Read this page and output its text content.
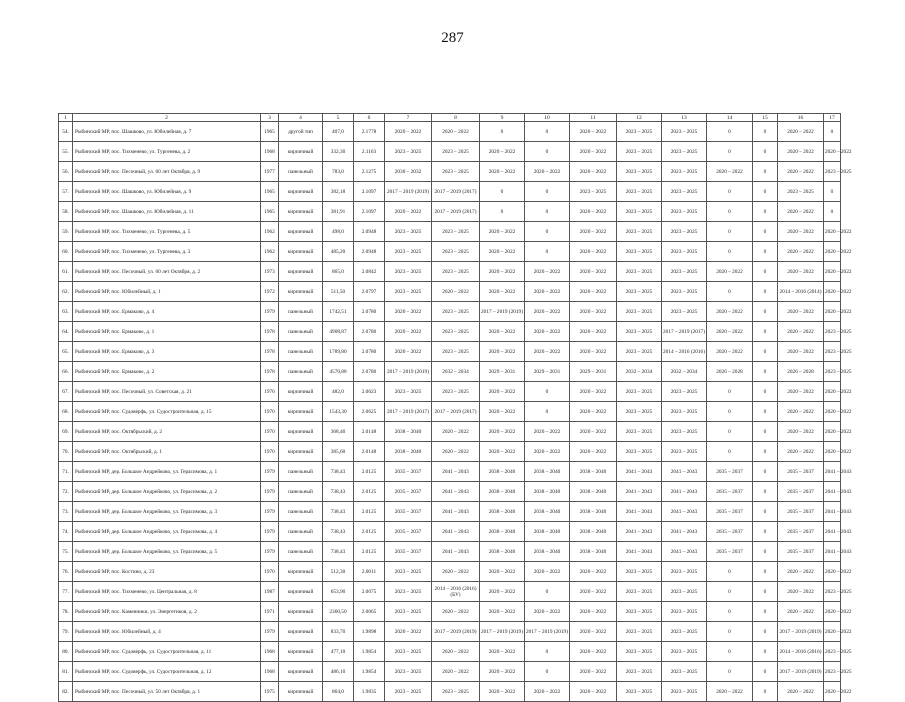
287
1	2	3	4	5	6	7	8	9	10	11	12	13	14	15	16	17
54.	Рыбинский МР, пос. Шашково, ул. Юбилейная, д. 7	1965	другой тип	407,0	2.1778	2020 – 2022	2020 – 2022	0	0	2020 – 2022	2023 – 2025	2023 – 2025	0	0	2020 – 2022	0
55.	Рыбинский МР, пос. Тихменево, ул. Тургенева, д. 2	1968	кирпичный	332,30	2.1163	2023 – 2025	2023 – 2025	2020 – 2022	0	2020 – 2022	2023 – 2025	2023 – 2025	0	0	2020 – 2022	2020 – 2022
56.	Рыбинский МР, пос. Песочный, ул. 60 лет Октября, д. 9	1977	панельный	783,0	2.1275	2030 – 2032	2023 – 2025	2020 – 2022	2020 – 2022	2020 – 2022	2023 – 2025	2023 – 2025	2020 – 2022	0	2020 – 2022	2023 – 2025
57.	Рыбинский МР, пос. Шашково, ул. Юбилейная, д. 9	1965	кирпичный	382,18	2.1097	2017 – 2019 (2019)	2017 – 2019 (2017)	0	0	2023 – 2025	2023 – 2025	2023 – 2025	0	0	2023 – 2025	0
58.	Рыбинский МР, пос. Шашково, ул. Юбилейная, д. 11	1965	кирпичный	381,91	2.1097	2020 – 2022	2017 – 2019 (2017)	0	0	2020 – 2022	2023 – 2025	2023 – 2025	0	0	2020 – 2022	0
59.	Рыбинский МР, пос. Тихменево, ул. Тургенева, д. 5	1962	кирпичный	498,0	2.0948	2023 – 2025	2023 – 2025	2020 – 2022	0	2020 – 2022	2023 – 2025	2023 – 2025	0	0	2020 – 2022	2020 – 2022
60.	Рыбинский МР, пос. Тихменево, ул. Тургенева, д. 3	1962	кирпичный	485,20	2.0948	2023 – 2025	2023 – 2025	2020 – 2022	0	2020 – 2022	2023 – 2025	2023 – 2025	0	0	2020 – 2022	2020 – 2022
61.	Рыбинский МР, пос. Песочный, ул. 60 лет Октября, д. 2	1973	кирпичный	865,0	2.0842	2023 – 2025	2023 – 2025	2020 – 2022	2020 – 2022	2020 – 2022	2023 – 2025	2023 – 2025	2020 – 2022	0	2020 – 2022	2020 – 2022
62.	Рыбинский МР, пос. Юбилейный, д. 1	1972	кирпичный	511,50	2.0797	2023 – 2025	2020 – 2022	2020 – 2022	2020 – 2022	2020 – 2022	2023 – 2025	2023 – 2025	0	0	2014 – 2016 (2014)	2020 – 2022
63.	Рыбинский МР, пос. Ермаково, д. 4	1979	панельный	1742,51	2.0780	2020 – 2022	2023 – 2025	2017 – 2019 (2019)	2020 – 2022	2020 – 2022	2023 – 2025	2023 – 2025	2020 – 2022	0	2020 – 2022	2020 – 2022
64.	Рыбинский МР, пос. Ермаково, д. 1	1978	панельный	4908,87	2.0780	2020 – 2022	2023 – 2025	2020 – 2022	2020 – 2022	2020 – 2022	2023 – 2025	2017 – 2019 (2017)	2020 – 2022	0	2020 – 2022	2023 – 2025
65.	Рыбинский МР, пос. Ермаково, д. 3	1978	панельный	1789,80	2.0780	2020 – 2022	2023 – 2025	2020 – 2022	2020 – 2022	2020 – 2022	2023 – 2025	2014 – 2016 (2016)	2020 – 2022	0	2020 – 2022	2023 – 2025
66.	Рыбинский МР, пос. Ермаково, д. 2	1978	панельный	4570,88	2.0780	2017 – 2019 (2019)	2032 – 2034	2029 – 2031	2029 – 2031	2029 – 2031	2032 – 2034	2032 – 2034	2026 – 2028	0	2026 – 2028	2023 – 2025
67.	Рыбинский МР, пос. Песочный, ул. Советская, д. 21	1976	кирпичный	482,0	2.0623	2023 – 2025	2023 – 2025	2020 – 2022	0	2020 – 2022	2023 – 2025	2023 – 2025	0	0	2020 – 2022	2020 – 2022
68.	Рыбинский МР, пос. Судоверфь, ул. Судостроительная, д. 15	1970	кирпичный	1543,30	2.0625	2017 – 2019 (2017)	2017 – 2019 (2017)	2020 – 2022	0	2020 – 2022	2023 – 2025	2023 – 2025	0	0	2020 – 2022	2020 – 2022
69.	Рыбинский МР, пос. Октябрьский, д. 2	1970	кирпичный	368,40	2.0148	2038 – 2040	2020 – 2022	2020 – 2022	2020 – 2022	2020 – 2022	2023 – 2025	2023 – 2025	0	0	2020 – 2022	2020 – 2022
70.	Рыбинский МР, пос. Октябрьский, д. 1	1970	кирпичный	385,60	2.0148	2038 – 2040	2020 – 2022	2020 – 2022	2020 – 2022	2020 – 2022	2023 – 2025	2023 – 2025	0	0	2020 – 2022	2020 – 2022
71.	Рыбинский МР, дер. Большое Андрейково, ул. Герасимова, д. 1	1979	панельный	738,43	2.0125	2035 – 2037	2041 – 2043	2038 – 2040	2038 – 2040	2038 – 2040	2041 – 2043	2041 – 2043	2035 – 2037	0	2035 – 2037	2041 – 2043
72.	Рыбинский МР, дер. Большое Андрейково, ул. Герасимова, д. 2	1979	панельный	738,43	2.0125	2035 – 2037	2041 – 2043	2038 – 2040	2038 – 2040	2038 – 2040	2041 – 2043	2041 – 2043	2035 – 2037	0	2035 – 2037	2041 – 2043
73.	Рыбинский МР, дер. Большое Андрейково, ул. Герасимова, д. 3	1979	панельный	738,43	2.0125	2035 – 2037	2041 – 2043	2038 – 2040	2038 – 2040	2038 – 2040	2041 – 2043	2041 – 2043	2035 – 2037	0	2035 – 2037	2041 – 2043
74.	Рыбинский МР, дер. Большое Андрейково, ул. Герасимова, д. 4	1979	панельный	738,43	2.0125	2035 – 2037	2041 – 2043	2038 – 2040	2038 – 2040	2038 – 2040	2041 – 2043	2041 – 2043	2035 – 2037	0	2035 – 2037	2041 – 2043
75.	Рыбинский МР, дер. Большое Андрейково, ул. Герасимова, д. 5	1979	панельный	738,43	2.0125	2035 – 2037	2041 – 2043	2038 – 2040	2038 – 2040	2038 – 2040	2041 – 2043	2041 – 2043	2035 – 2037	0	2035 – 2037	2041 – 2043
76.	Рыбинский МР, пос. Костино, д. 23	1970	кирпичный	512,30	2.0011	2023 – 2025	2020 – 2022	2020 – 2022	2020 – 2022	2020 – 2022	2023 – 2025	2023 – 2025	0	0	2020 – 2022	2020 – 2022
77.	Рыбинский МР, пос. Тихменево, ул. Центральная, д. 8	1987	кирпичный	653,90	2.0075	2023 – 2025	2014 – 2016 (2016)(БУ)	2020 – 2022	0	2020 – 2022	2023 – 2025	2023 – 2025	0	0	2020 – 2022	2023 – 2025
78.	Рыбинский МР, пос. Каменники, ул. Энергетиков, д. 2	1971	кирпичный	2360,50	2.0065	2023 – 2025	2020 – 2022	2020 – 2022	2020 – 2022	2020 – 2022	2023 – 2025	2023 – 2025	0	0	2020 – 2022	2020 – 2022
79.	Рыбинский МР, пос. Юбилейный, д. 4	1979	кирпичный	833,70	1.9898	2020 – 2022	2017 – 2019 (2019)	2017 – 2019 (2019)	2017 – 2019 (2019)	2020 – 2022	2023 – 2025	2023 – 2025	0	0	2017 – 2019 (2019)	2020 – 2022
80.	Рыбинский МР, пос. Судоверфь, ул. Судостроительная, д. 11	1968	кирпичный	477,10	1.9854	2023 – 2025	2020 – 2022	2020 – 2022	0	2020 – 2022	2023 – 2025	2023 – 2025	0	0	2014 – 2016 (2016)	2023 – 2025
81.	Рыбинский МР, пос. Судоверфь, ул. Судостроительная, д. 12	1968	кирпичный	486,10	1.9854	2023 – 2025	2020 – 2022	2020 – 2022	0	2020 – 2022	2023 – 2025	2023 – 2025	0	0	2017 – 2019 (2019)	2023 – 2025
82.	Рыбинский МР, пос. Песочный, ул. 50 лет Октября, д. 1	1975	кирпичный	864,0	1.9835	2023 – 2025	2023 – 2025	2020 – 2022	2020 – 2022	2020 – 2022	2023 – 2025	2023 – 2025	2020 – 2022	0	2020 – 2022	2020 – 2022
